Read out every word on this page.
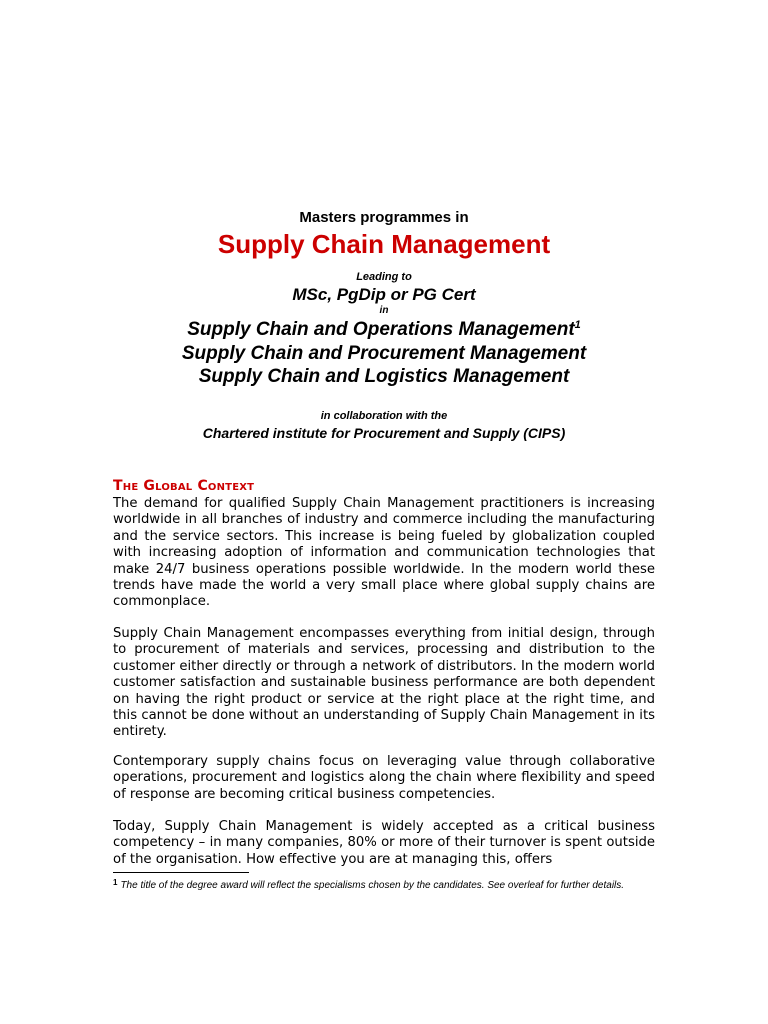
Masters programmes in
Supply Chain Management
Leading to
MSc, PgDip or PG Cert
in
Supply Chain and Operations Management$^1$
Supply Chain and Procurement Management
Supply Chain and Logistics Management
in collaboration with the
Chartered institute for Procurement and Supply (CIPS)
The Global Context

The demand for qualified Supply Chain Management practitioners is increasing worldwide in all branches of industry and commerce including the manufacturing and the service sectors. This increase is being fueled by globalization coupled with increasing adoption of information and communication technologies that make 24/7 business operations possible worldwide. In the modern world these trends have made the world a very small place where global supply chains are commonplace.

Supply Chain Management encompasses everything from initial design, through to procurement of materials and services, processing and distribution to the customer either directly or through a network of distributors. In the modern world customer satisfaction and sustainable business performance are both dependent on having the right product or service at the right place at the right time, and this cannot be done without an understanding of Supply Chain Management in its entirety.

Contemporary supply chains focus on leveraging value through collaborative operations, procurement and logistics along the chain where flexibility and speed of response are becoming critical business competencies.

Today, Supply Chain Management is widely accepted as a critical business competency – in many companies, 80% or more of their turnover is spent outside of the organisation. How effective you are at managing this, offers

$^1$ The title of the degree award will reflect the specialisms chosen by the candidates. See overleaf for further details.
